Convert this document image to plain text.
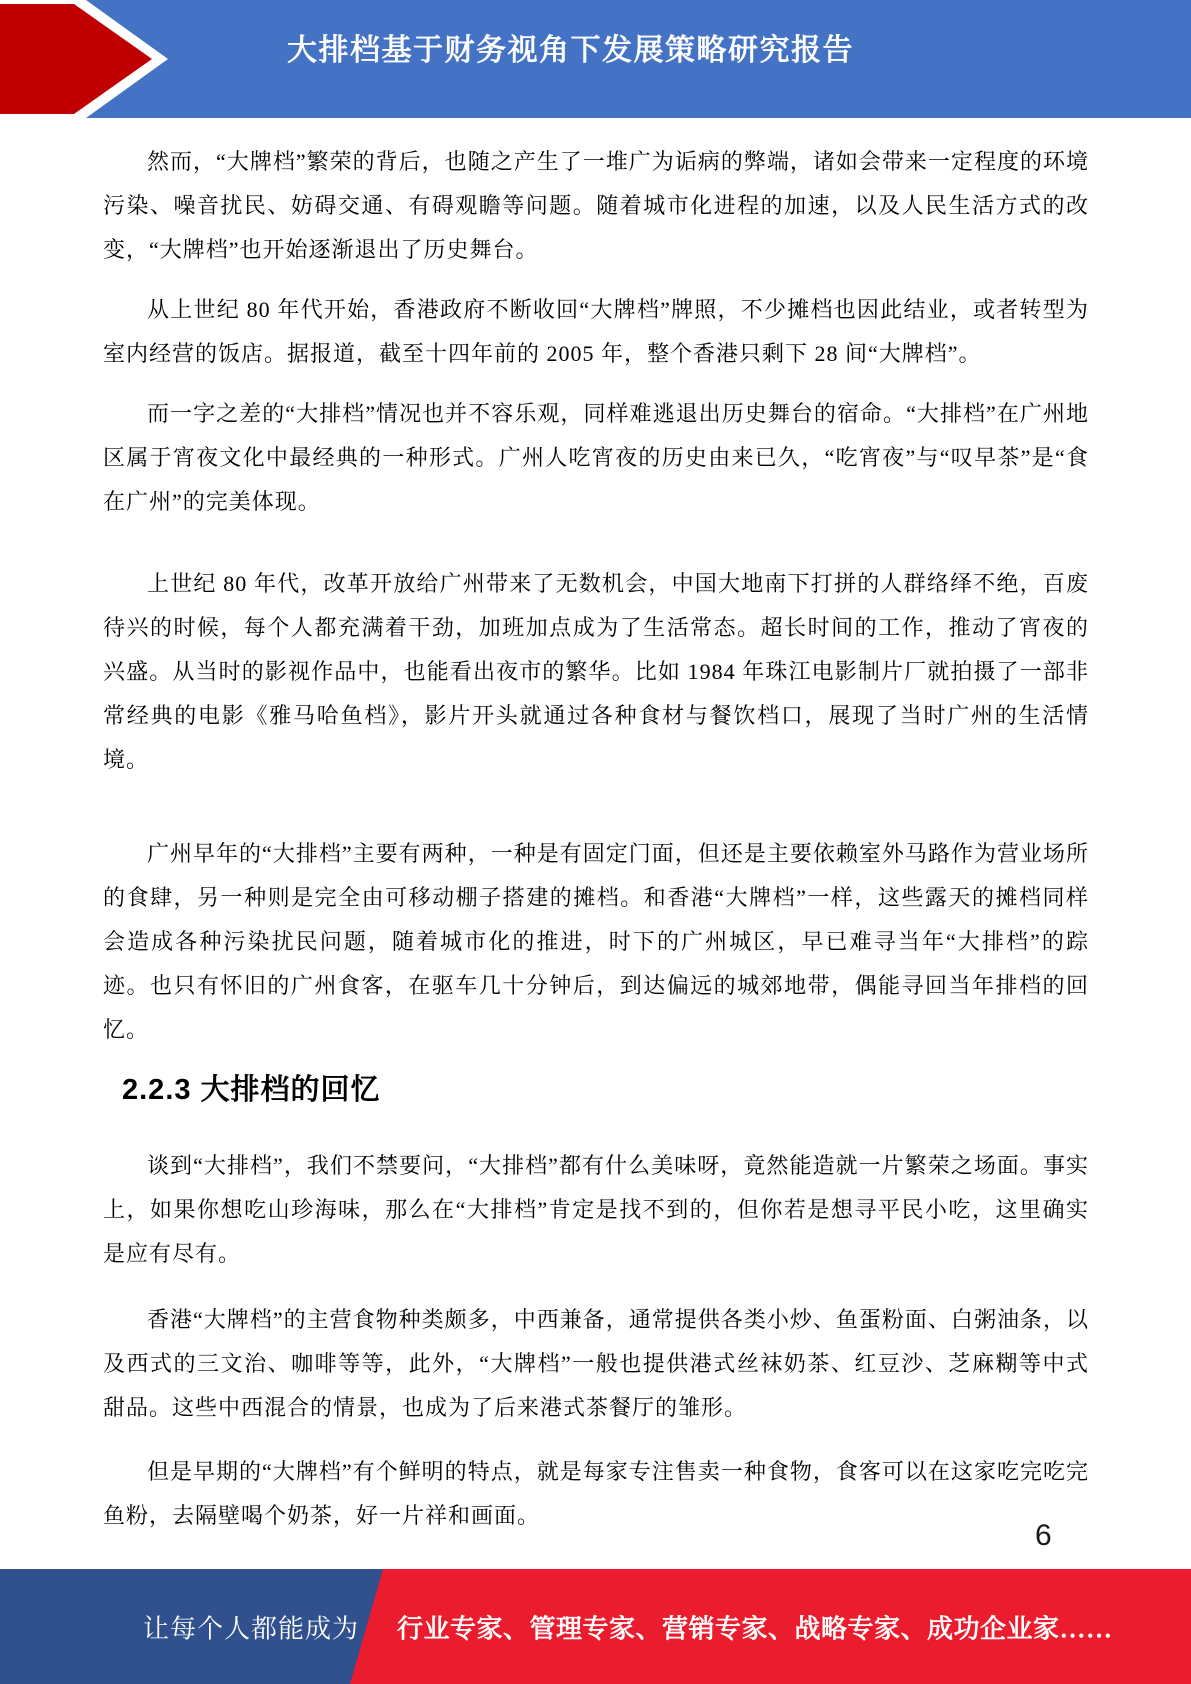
大排档基于财务视角下发展策略研究报告

然而，“大牌档”繁荣的背后，也随之产生了一堆广为诟病的弊端，诸如会带来一定程度的环境污染、噪音扰民、妨碍交通、有碍观瞻等问题。随着城市化进程的加速，以及人民生活方式的改变，“大牌档”也开始逐渐退出了历史舞台。

从上世纪 80 年代开始，香港政府不断收回“大牌档”牌照，不少摊档也因此结业，或者转型为室内经营的饭店。据报道，截至十四年前的 2005 年，整个香港只剩下 28 间“大牌档”。

而一字之差的“大排档”情况也并不容乐观，同样难逃退出历史舞台的宿命。“大排档”在广州地区属于宵夜文化中最经典的一种形式。广州人吃宵夜的历史由来已久，“吃宵夜”与“叹早茶”是“食在广州”的完美体现。

上世纪 80 年代，改革开放给广州带来了无数机会，中国大地南下打拼的人群络绎不绝，百废待兴的时候，每个人都充满着干劲，加班加点成为了生活常态。超长时间的工作，推动了宵夜的兴盛。从当时的影视作品中，也能看出夜市的繁华。比如 1984 年珠江电影制片厂就拍摄了一部非常经典的电影《雅马哈鱼档》，影片开头就通过各种食材与餐饮档口，展现了当时广州的生活情境。

广州早年的“大排档”主要有两种，一种是有固定门面，但还是主要依赖室外马路作为营业场所的食肆，另一种则是完全由可移动棚子搭建的摊档。和香港“大牌档”一样，这些露天的摊档同样会造成各种污染扰民问题，随着城市化的推进，时下的广州城区，早已难寻当年“大排档”的踪迹。也只有怀旧的广州食客，在驱车几十分钟后，到达偏远的城郊地带，偶能寻回当年排档的回忆。

2.2.3 大排档的回忆

谈到“大排档”，我们不禁要问，“大排档”都有什么美味呀，竟然能造就一片繁荣之场面。事实上，如果你想吃山珍海味，那么在“大排档”肯定是找不到的，但你若是想寻平民小吃，这里确实是应有尽有。

香港“大牌档”的主营食物种类颇多，中西兼备，通常提供各类小炒、鱼蛋粉面、白粥油条，以及西式的三文治、咖啡等等，此外，“大牌档”一般也提供港式丝袜奶茶、红豆沙、芝麻糊等中式甜品。这些中西混合的情景，也成为了后来港式茶餐厅的雏形。

但是早期的“大牌档”有个鲜明的特点，就是每家专注售卖一种食物，食客可以在这家吃完吃完鱼粉，去隔壁喝个奶茶，好一片祥和画面。

6
让每个人都能成为 行业专家、管理专家、营销专家、战略专家、成功企业家……
